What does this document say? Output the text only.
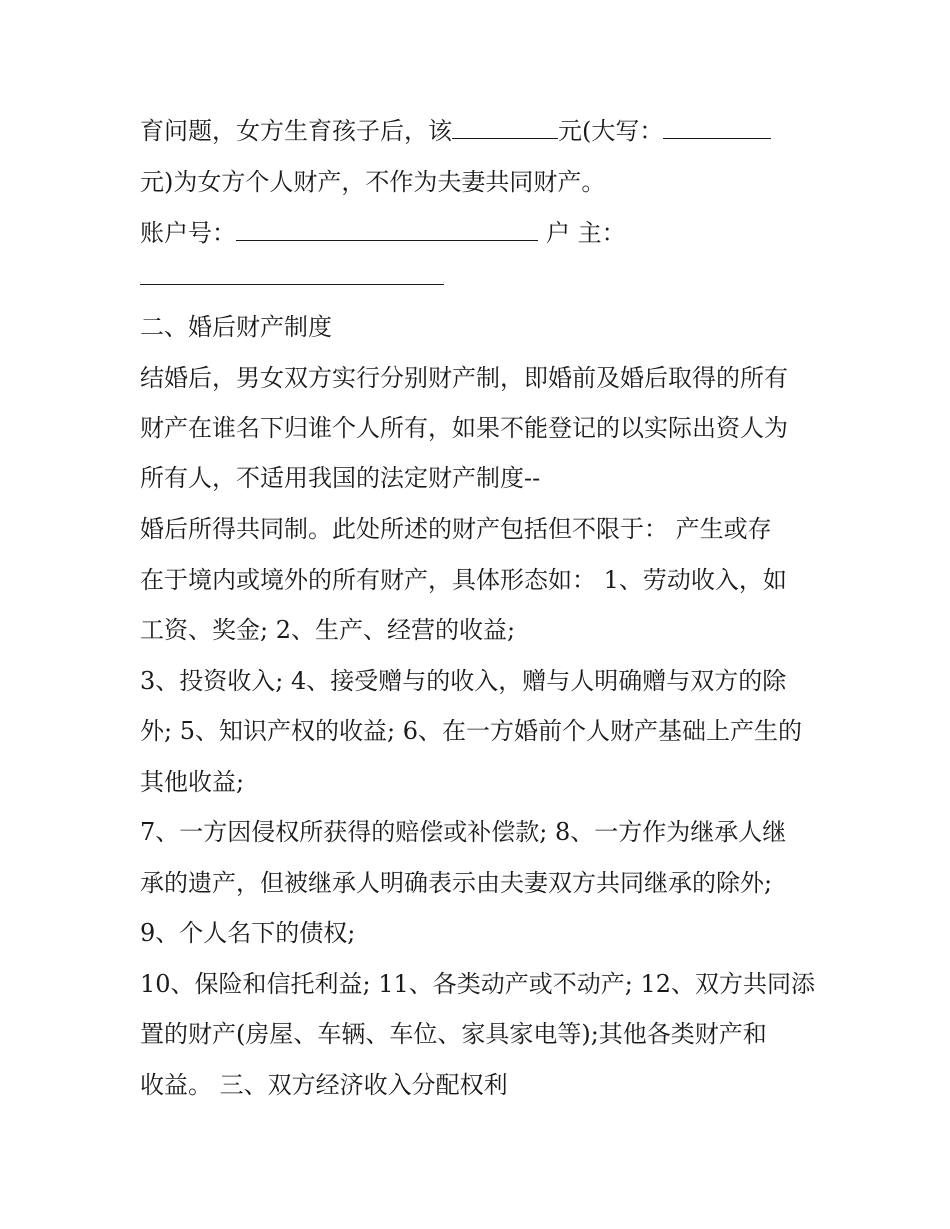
育问题，女方生育孩子后，该	元(大写：
元)为女方个人财产，不作为夫妻共同财产。
账户号：	户 主：
二、婚后财产制度
结婚后，男女双方实行分别财产制，即婚前及婚后取得的所有
财产在谁名下归谁个人所有，如果不能登记的以实际出资人为
所有人，不适用我国的法定财产制度--
婚后所得共同制。此处所述的财产包括但不限于： 产生或存
在于境内或境外的所有财产，具体形态如： 1、劳动收入，如
工资、奖金; 2、生产、经营的收益;
3、投资收入; 4、接受赠与的收入，赠与人明确赠与双方的除
外; 5、知识产权的收益; 6、在一方婚前个人财产基础上产生的
其他收益;
7、一方因侵权所获得的赔偿或补偿款; 8、一方作为继承人继
承的遗产，但被继承人明确表示由夫妻双方共同继承的除外;
9、个人名下的债权;
10、保险和信托利益; 11、各类动产或不动产; 12、双方共同添
置的财产(房屋、车辆、车位、家具家电等);其他各类财产和
收益。 三、双方经济收入分配权利
